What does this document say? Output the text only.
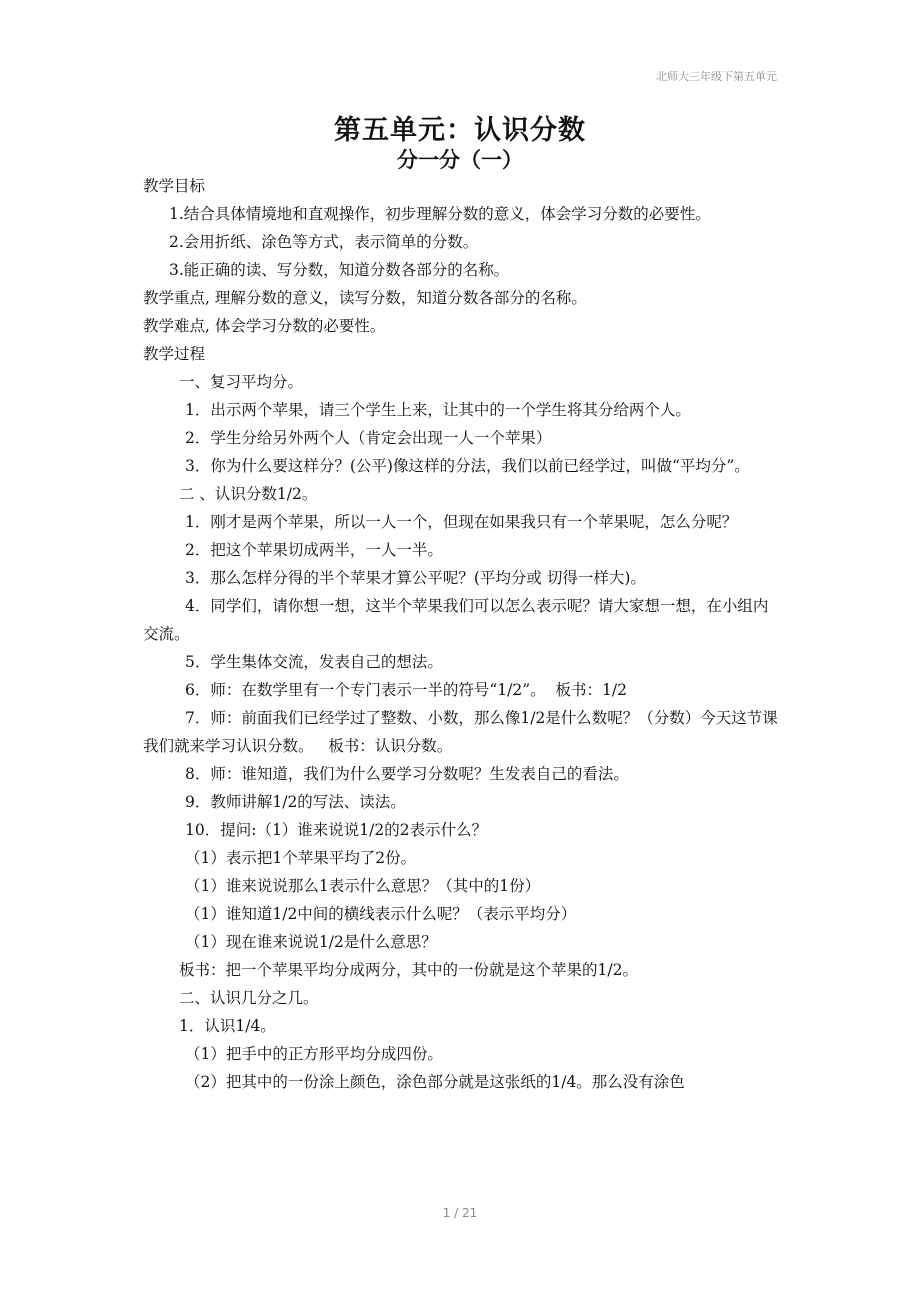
北师大三年级下第五单元
第五单元：认识分数
分一分（一）

教学目标

1.结合具体情境地和直观操作，初步理解分数的意义，体会学习分数的必要性。

2.会用折纸、涂色等方式，表示简单的分数。

3.能正确的读、写分数，知道分数各部分的名称。

教学重点, 理解分数的意义，读写分数，知道分数各部分的名称。

教学难点, 体会学习分数的必要性。

教学过程

一、复习平均分。

1．出示两个苹果，请三个学生上来，让其中的一个学生将其分给两个人。

2．学生分给另外两个人（肯定会出现一人一个苹果）

3．你为什么要这样分？(公平)像这样的分法，我们以前已经学过，叫做“平均分”。

二 、认识分数1/2。

1．刚才是两个苹果，所以一人一个，但现在如果我只有一个苹果呢，怎么分呢？

2．把这个苹果切成两半，一人一半。

3．那么怎样分得的半个苹果才算公平呢？(平均分或 切得一样大)。

4．同学们，请你想一想，这半个苹果我们可以怎么表示呢？请大家想一想，在小组内交流。

5．学生集体交流，发表自己的想法。

6．师：在数学里有一个专门表示一半的符号“1/2”。  板书：1/2

7．师：前面我们已经学过了整数、小数，那么像1/2是什么数呢？（分数）今天这节课我们就来学习认识分数。   板书：认识分数。

8．师：谁知道，我们为什么要学习分数呢？生发表自己的看法。

9．教师讲解1/2的写法、读法。

10．提问:（1）谁来说说1/2的2表示什么？

（1）表示把1个苹果平均了2份。

（1）谁来说说那么1表示什么意思？（其中的1份）

（1）谁知道1/2中间的横线表示什么呢？（表示平均分）

（1）现在谁来说说1/2是什么意思？

板书：把一个苹果平均分成两分，其中的一份就是这个苹果的1/2。

二、认识几分之几。

1．认识1/4。

（1）把手中的正方形平均分成四份。

（2）把其中的一份涂上颜色，涂色部分就是这张纸的1/4。那么没有涂色

1 / 21
